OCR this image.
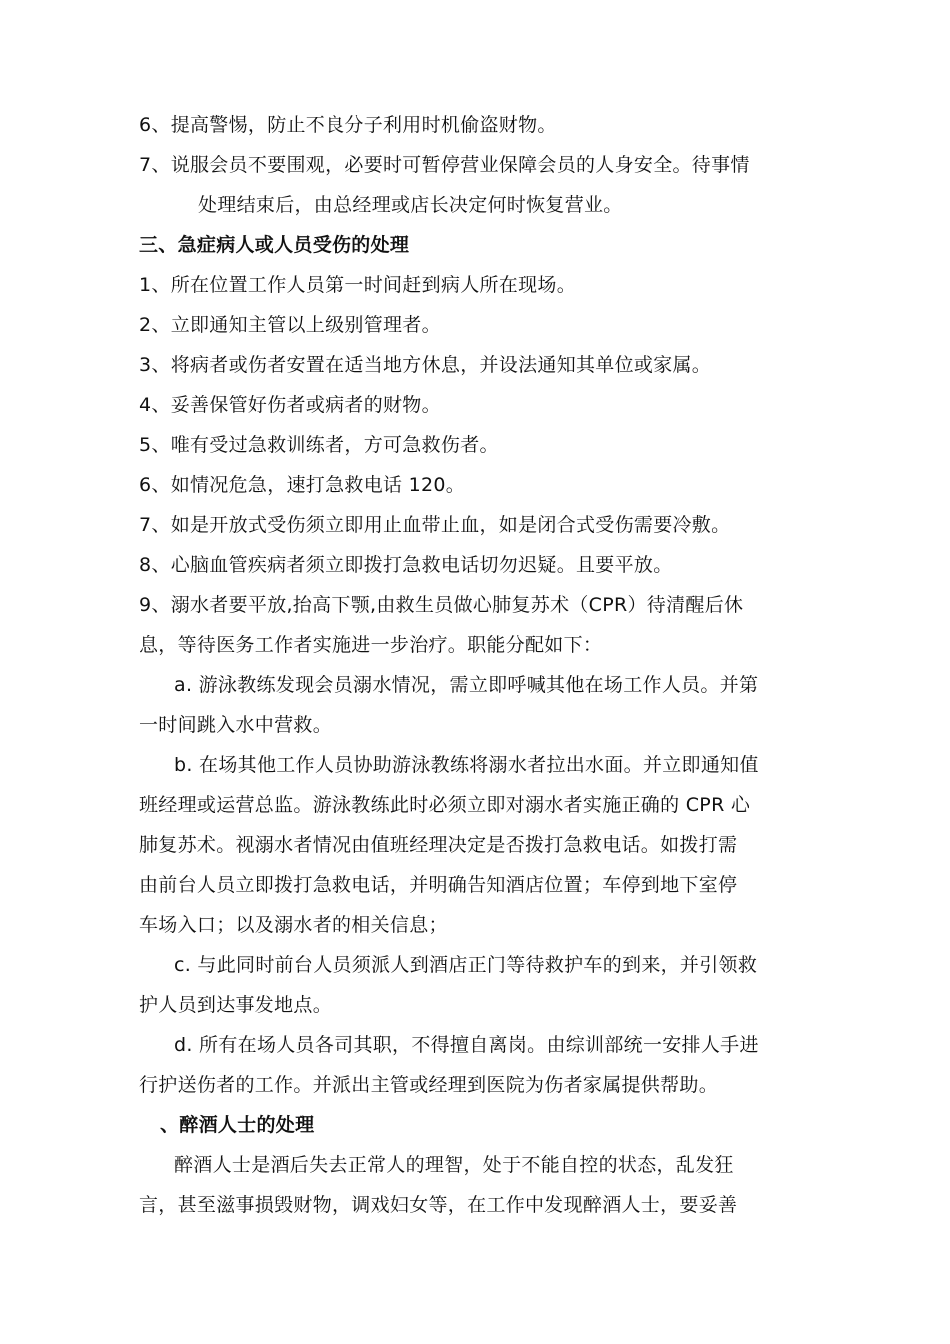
6、提高警惕，防止不良分子利用时机偷盗财物。
7、说服会员不要围观，必要时可暂停营业保障会员的人身安全。待事情
处理结束后，由总经理或店长决定何时恢复营业。
三、急症病人或人员受伤的处理
1、所在位置工作人员第一时间赶到病人所在现场。
2、立即通知主管以上级别管理者。
3、将病者或伤者安置在适当地方休息，并设法通知其单位或家属。
4、妥善保管好伤者或病者的财物。
5、唯有受过急救训练者，方可急救伤者。
6、如情况危急，速打急救电话 120。
7、如是开放式受伤须立即用止血带止血，如是闭合式受伤需要冷敷。
8、心脑血管疾病者须立即拨打急救电话切勿迟疑。且要平放。
9、溺水者要平放,抬高下颚,由救生员做心肺复苏术（CPR）待清醒后休
息，等待医务工作者实施进一步治疗。职能分配如下：
a. 游泳教练发现会员溺水情况，需立即呼喊其他在场工作人员。并第
一时间跳入水中营救。
b. 在场其他工作人员协助游泳教练将溺水者拉出水面。并立即通知值
班经理或运营总监。游泳教练此时必须立即对溺水者实施正确的 CPR 心
肺复苏术。视溺水者情况由值班经理决定是否拨打急救电话。如拨打需
由前台人员立即拨打急救电话，并明确告知酒店位置；车停到地下室停
车场入口；以及溺水者的相关信息；
c. 与此同时前台人员须派人到酒店正门等待救护车的到来，并引领救
护人员到达事发地点。
d. 所有在场人员各司其职，不得擅自离岗。由综训部统一安排人手进
行护送伤者的工作。并派出主管或经理到医院为伤者家属提供帮助。
、醉酒人士的处理
醉酒人士是酒后失去正常人的理智，处于不能自控的状态，乱发狂
言，甚至滋事损毁财物，调戏妇女等，在工作中发现醉酒人士，要妥善
